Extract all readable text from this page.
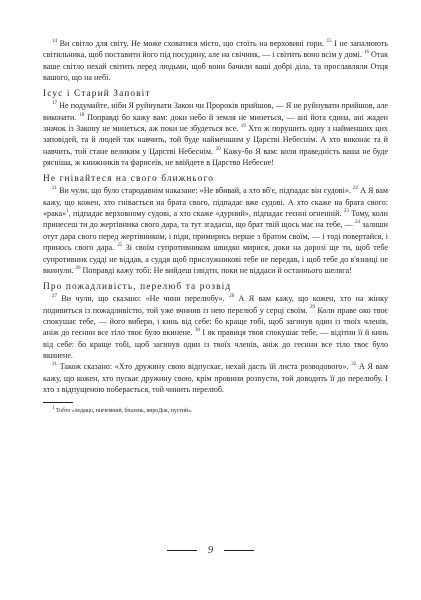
$^{14}$ Ви світло для світу. Не може сховатися місто, що стоїть на верховині гори. $^{15}$ І не запалюють світильника, щоб поставити його під посудину, але на свічник, — і світить воно всім у домі. $^{16}$ Отак ваше світло нехай світить перед людьми, щоб вони бачили ваші добрі діла, та прославляли Отця вашого, що на небі.

Ісус і Старий Заповіт

$^{17}$ Не подумайте, ніби Я руйнувати Закон чи Пророків прийшов, — Я не руйнувати прийшов, але виконати. $^{18}$ Поправді бо кажу вам: доки небо й земля не минеться, — ані йота єдина, ані жаден значок із Закону не минеться, аж поки не збудеться все. $^{19}$ Хто ж порушить одну з найменших цих заповідей, та й людей так навчить, той буде найменшим у Царстві Небеснім. А хто виконає та й навчить, той стане великим у Царстві Небеснім. $^{20}$ Кажу-бо Я вам: коли праведність ваша не буде рясніша, ж книжників та фарисеїв, не ввійдете в Царство Небесне!

Не гнівайтеся на свого ближнього

$^{21}$ Ви чули, що було стародавнім наказане: «Не вбивай, а хто вб'є, підпадає він судові». $^{22}$ А Я вам кажу, що кожен, хто гнівається на брата свого, підпадає вже судові. А хто скаже на брата свого: «рака»$^1$, підпадає верховному судові, а хто скаже «дурний», підпадає геєнні огненній. $^{23}$ Тому, коли принесеш ти до жертівника свого дара, та тут згадаєш, що брат твій щось має на тебе, — $^{24}$ залиши отут дара свого перед жертівником, і піди, примирись перше з братом своїм, — і тоді повертайся, і принось свого дара. $^{25}$ Зі своїм супротивником швидко мирися, доки на дорозі ще ти, щоб тебе супротивник судді не віддав, а суддя щоб прислужникові тебе не передав, і щоб тебе до в'язниці не вкинули. $^{26}$ Поправді кажу тобі: Не вийдеш ізвідти, поки не віддаси й останнього шеляга!

Про пожадливість, перелюб та розвід

$^{27}$ Ви чули, що сказано: «Не чини перелюбу». $^{28}$ А Я вам кажу, що кожен, хто на жінку подивиться із пожадливістю, той уже вчинив із нею перелюб у серці своїм. $^{29}$ Коли праве око твоє спокушає тебе, — його вибери, і кинь від себе: бо краще тобі, щоб загинув один із твоїх членів, аніж до геєнни все тіло твоє було вкинене. $^{30}$ І як правиця твоя спокушає тебе, — відітни її й кинь від себе: бо краще тобі, щоб загинув один із твоїх членів, аніж до геєнни все тіло твоє було вкинене.

$^{31}$ Також сказано: «Хто дружину свою відпускає, нехай дасть їй листа розводового». $^{32}$ А Я вам кажу, що кожен, хто пускає дружину свою, крім провини розпусти, той доводить її до перелюбу. І хто з відпущеною поберається, той чинить перелюб.

$^1$ Тобто «ледащо, нікчемний, бпазень, вироДок, пустий».

9
